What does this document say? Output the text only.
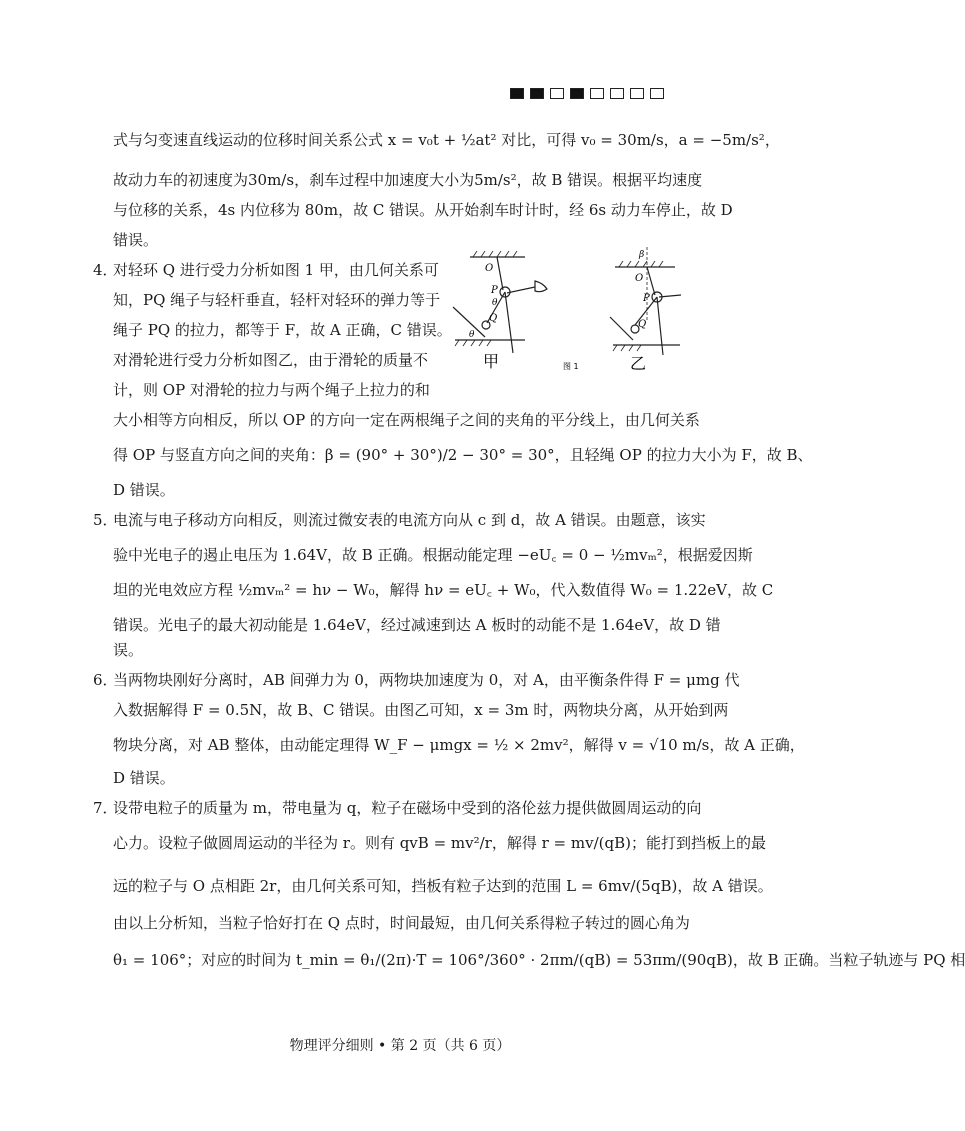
式与匀变速直线运动的位移时间关系公式 x = v₀t + ½at² 对比，可得 v₀ = 30m/s，a = −5m/s²，
故动力车的初速度为30m/s，刹车过程中加速度大小为5m/s²，故 B 错误。根据平均速度
与位移的关系，4s 内位移为 80m，故 C 错误。从开始刹车时计时，经 6s 动力车停止，故 D
错误。
4．
对轻环 Q 进行受力分析如图 1 甲，由几何关系可
知，PQ 绳子与轻杆垂直，轻杆对轻环的弹力等于
绳子 PQ 的拉力，都等于 F，故 A 正确，C 错误。
对滑轮进行受力分析如图乙，由于滑轮的质量不
计，则 OP 对滑轮的拉力与两个绳子上拉力的和
大小相等方向相反，所以 OP 的方向一定在两根绳子之间的夹角的平分线上，由几何关系
得 OP 与竖直方向之间的夹角：β = (90° + 30°)/2 − 30° = 30°，且轻绳 OP 的拉力大小为 F，故 B、
D 错误。
5．
电流与电子移动方向相反，则流过微安表的电流方向从 c 到 d，故 A 错误。由题意，该实
验中光电子的遏止电压为 1.64V，故 B 正确。根据动能定理 −eU꜀ = 0 − ½mvₘ²，根据爱因斯
坦的光电效应方程 ½mvₘ² = hν − W₀，解得 hν = eU꜀ + W₀，代入数值得 W₀ = 1.22eV，故 C
错误。光电子的最大初动能是 1.64eV，经过减速到达 A 板时的动能不是 1.64eV，故 D 错
误。
6．
当两物块刚好分离时，AB 间弹力为 0，两物块加速度为 0，对 A，由平衡条件得 F = μmg 代
入数据解得 F = 0.5N，故 B、C 错误。由图乙可知，x = 3m 时，两物块分离，从开始到两
物块分离，对 AB 整体，由动能定理得 W_F − μmgx = ½ × 2mv²，解得 v = √10 m/s，故 A 正确，
D 错误。
7．
设带电粒子的质量为 m，带电量为 q，粒子在磁场中受到的洛伦兹力提供做圆周运动的向
心力。设粒子做圆周运动的半径为 r。则有 qvB = mv²/r，解得 r = mv/(qB)；能打到挡板上的最
远的粒子与 O 点相距 2r，由几何关系可知，挡板有粒子达到的范围 L = 6mv/(5qB)，故 A 错误。
由以上分析知，当粒子恰好打在 Q 点时，时间最短，由几何关系得粒子转过的圆心角为
θ₁ = 106°；对应的时间为 t_min = θ₁/(2π)·T = 106°/360° · 2πm/(qB) = 53πm/(90qB)，故 B 正确。当粒子轨迹与 PQ 相
O
P
θ
Q
θ
甲
β
O
P
Q
乙
图 1
物理评分细则 • 第 2 页（共 6 页）
